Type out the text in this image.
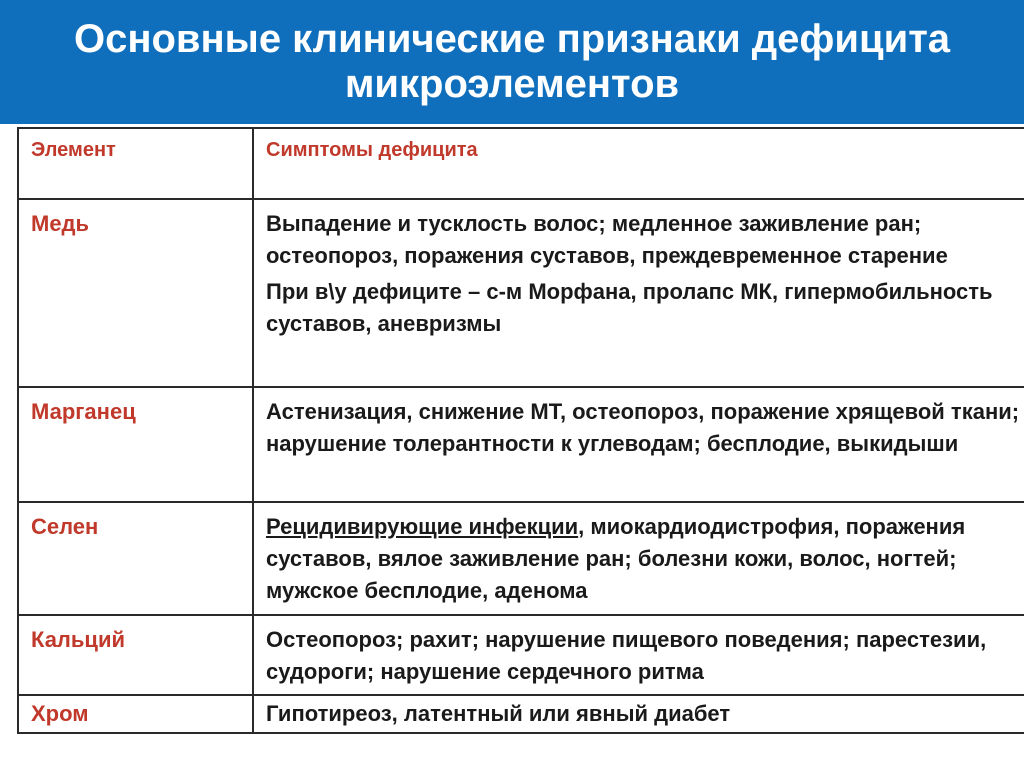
Основные клинические признаки дефицита
микроэлементов
Элемент	Симптомы дефицита
Медь	Выпадение и тусклость волос; медленное заживление ран; остеопороз, поражения суставов, преждевременное старение
При в\у дефиците – с-м Морфана, пролапс МК, гипермобильность суставов, аневризмы

Марганец	Астенизация, снижение МТ, остеопороз, поражение хрящевой ткани; нарушение толерантности к углеводам; бесплодие, выкидыши
Селен	Рецидивирующие инфекции, миокардиодистрофия, поражения суставов, вялое заживление ран; болезни кожи, волос, ногтей; мужское бесплодие, аденома
Кальций	Остеопороз; рахит; нарушение пищевого поведения; парестезии, судороги; нарушение сердечного ритма
Хром	Гипотиреоз, латентный или явный диабет
